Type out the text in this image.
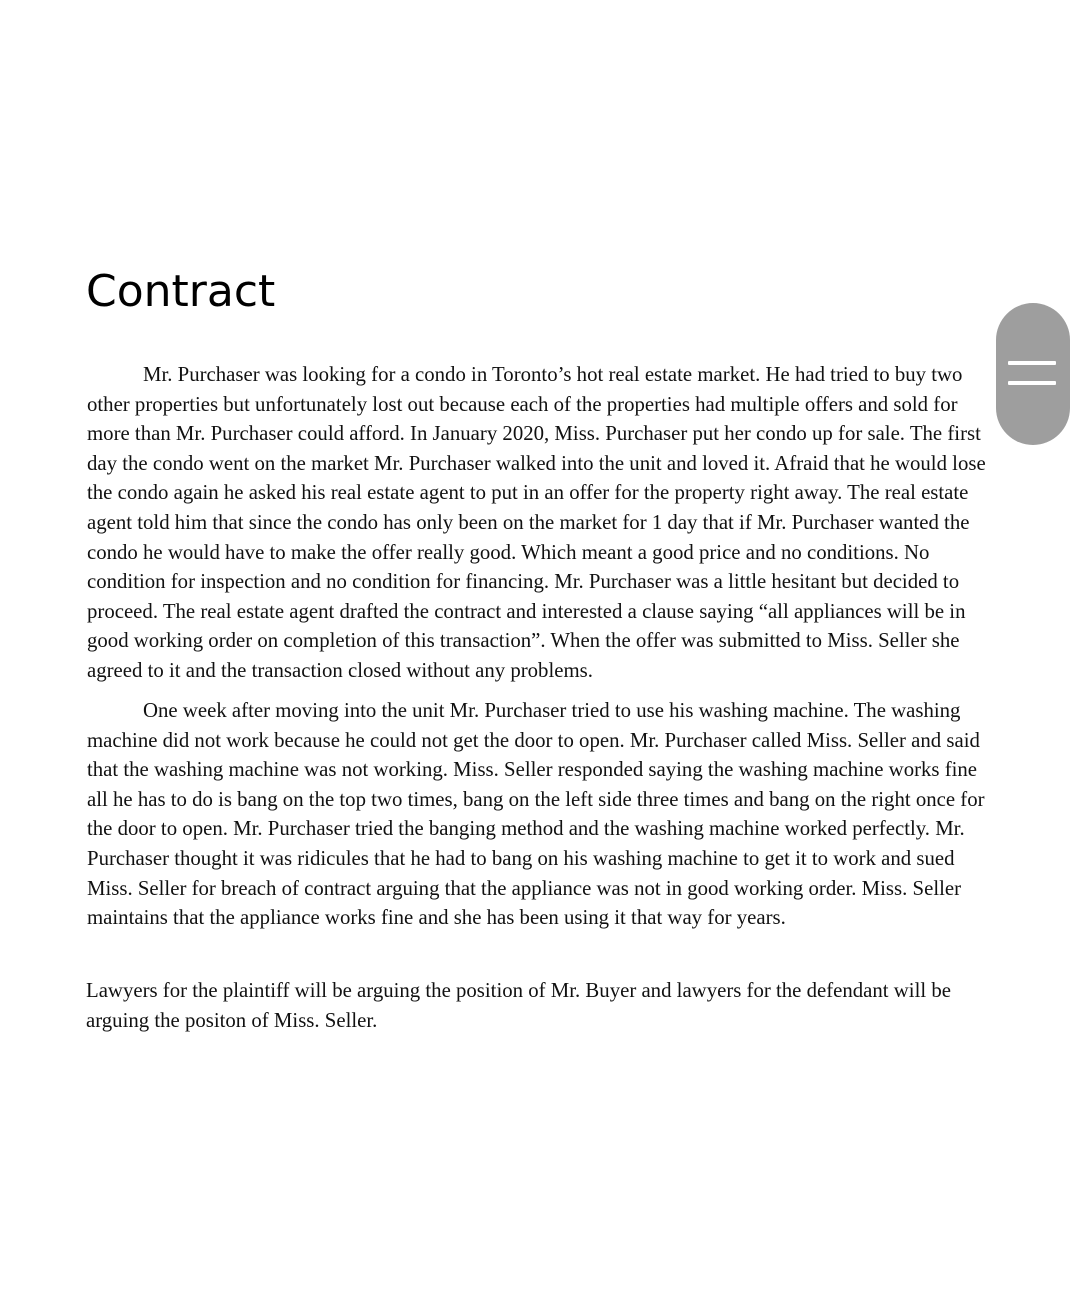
Contract

Mr. Purchaser was looking for a condo in Toronto’s hot real estate market. He had tried to buy two other properties but unfortunately lost out because each of the properties had multiple offers and sold for more than Mr. Purchaser could afford. In January 2020, Miss. Purchaser put her condo up for sale. The first day the condo went on the market Mr. Purchaser walked into the unit and loved it. Afraid that he would lose the condo again he asked his real estate agent to put in an offer for the property right away. The real estate agent told him that since the condo has only been on the market for 1 day that if Mr. Purchaser wanted the condo he would have to make the offer really good. Which meant a good price and no conditions. No condition for inspection and no condition for financing. Mr. Purchaser was a little hesitant but decided to proceed. The real estate agent drafted the contract and interested a clause saying “all appliances will be in good working order on completion of this transaction”. When the offer was submitted to Miss. Seller she agreed to it and the transaction closed without any problems.

One week after moving into the unit Mr. Purchaser tried to use his washing machine. The washing machine did not work because he could not get the door to open. Mr. Purchaser called Miss. Seller and said that the washing machine was not working. Miss. Seller responded saying the washing machine works fine all he has to do is bang on the top two times, bang on the left side three times and bang on the right once for the door to open. Mr. Purchaser tried the banging method and the washing machine worked perfectly. Mr. Purchaser thought it was ridicules that he had to bang on his washing machine to get it to work and sued Miss. Seller for breach of contract arguing that the appliance was not in good working order. Miss. Seller maintains that the appliance works fine and she has been using it that way for years.

Lawyers for the plaintiff will be arguing the position of Mr. Buyer and lawyers for the defendant will be arguing the positon of Miss. Seller.
